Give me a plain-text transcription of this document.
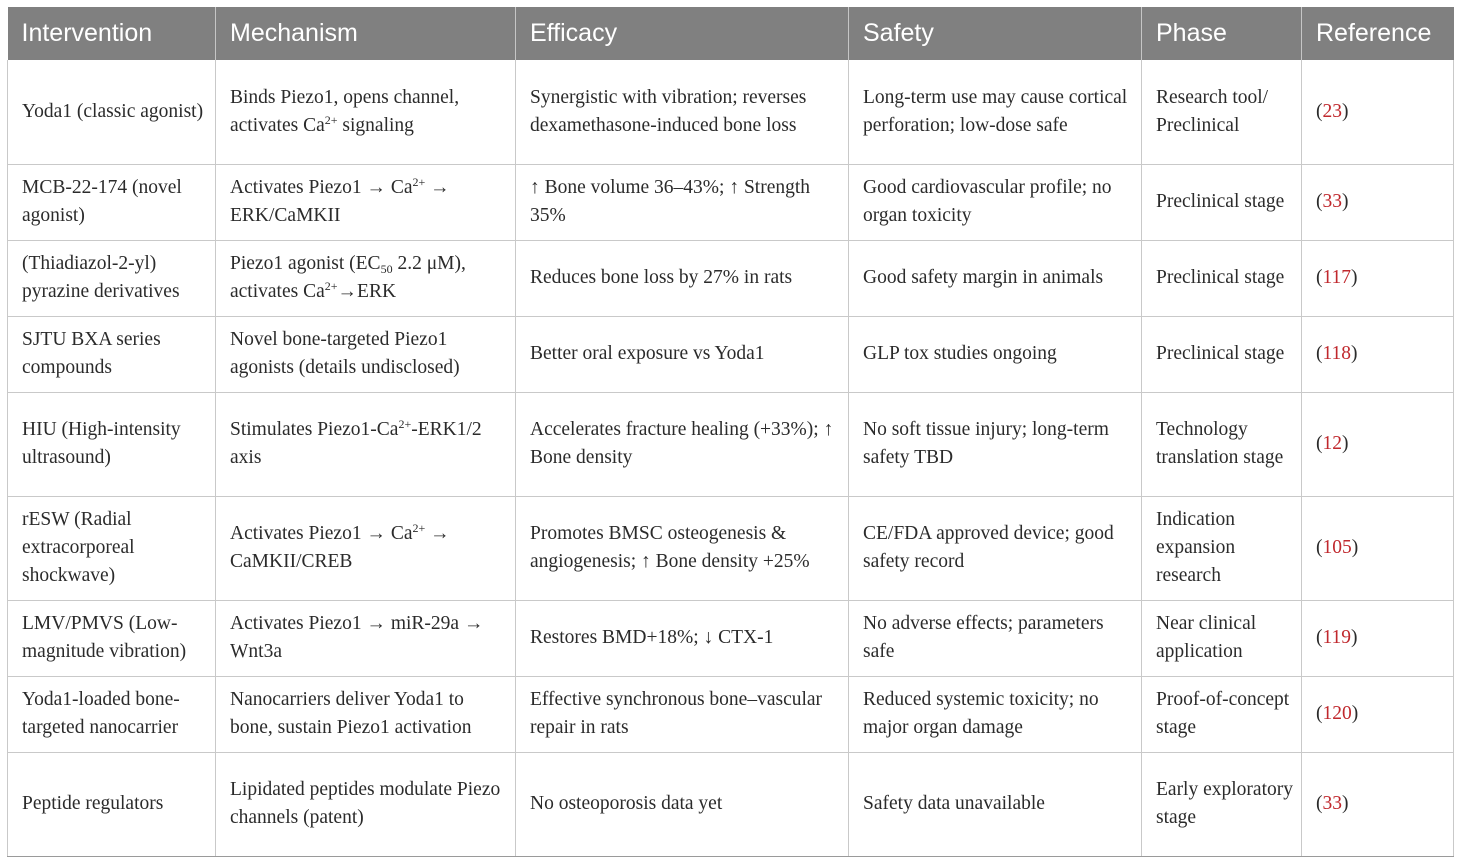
Intervention	Mechanism	Efficacy	Safety	Phase	Reference
Yoda1 (classic agonist)	Binds Piezo1, opens channel, activates $Ca^{2+}$ signaling	Synergistic with vibration; reverses dexamethasone-induced bone loss	Long-term use may cause cortical perforation; low-dose safe	Research tool/ Preclinical	(23)
MCB-22-174 (novel agonist)	Activates Piezo1 → $Ca^{2+}$ → ERK/CaMKII	↑ Bone volume 36–43%; ↑ Strength 35%	Good cardiovascular profile; no organ toxicity	Preclinical stage	(33)
(Thiadiazol-2-yl) pyrazine derivatives	Piezo1 agonist ($EC_{50}$ 2.2 μM), activates $Ca^{2+}\to ERK$	Reduces bone loss by 27% in rats	Good safety margin in animals	Preclinical stage	(117)
SJTU BXA series compounds	Novel bone-targeted Piezo1 agonists (details undisclosed)	Better oral exposure vs Yoda1	GLP tox studies ongoing	Preclinical stage	(118)
HIU (High-intensity ultrasound)	Stimulates $Piezo1-Ca^{2+}-ERK1/2$ axis	Accelerates fracture healing (+33%); ↑ Bone density	No soft tissue injury; long-term safety TBD	Technology translation stage	(12)
rESW (Radial extracorporeal shockwave)	Activates Piezo1 → $Ca^{2+}$ → CaMKII/CREB	Promotes BMSC osteogenesis & angiogenesis; ↑ Bone density +25%	CE/FDA approved device; good safety record	Indication expansion research	(105)
LMV/PMVS (Low-magnitude vibration)	Activates Piezo1 → miR-29a → Wnt3a	Restores BMD+18%; ↓ CTX-1	No adverse effects; parameters safe	Near clinical application	(119)
Yoda1-loaded bone-targeted nanocarrier	Nanocarriers deliver Yoda1 to bone, sustain Piezo1 activation	Effective synchronous bone–vascular repair in rats	Reduced systemic toxicity; no major organ damage	Proof-of-concept stage	(120)
Peptide regulators	Lipidated peptides modulate Piezo channels (patent)	No osteoporosis data yet	Safety data unavailable	Early exploratory stage	(33)
